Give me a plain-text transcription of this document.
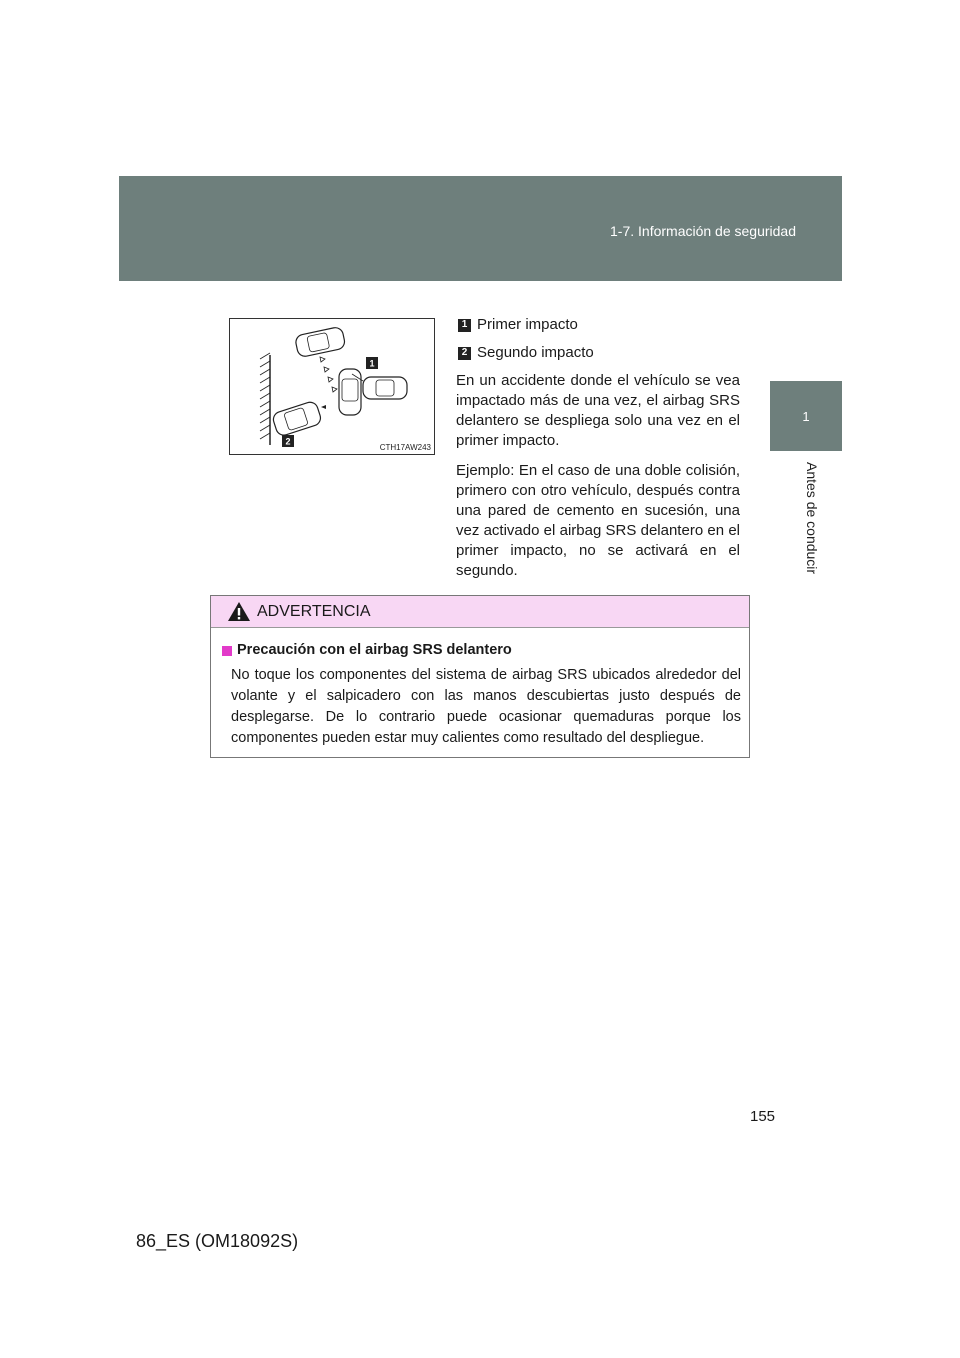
1-7. Información de seguridad
1
Antes de conducir
1
2
CTH17AW243
1 Primer impacto
2 Segundo impacto

En un accidente donde el vehículo se vea impactado más de una vez, el airbag SRS delantero se despliega solo una vez en el primer impacto.

Ejemplo: En el caso de una doble colisión, primero con otro vehículo, después contra una pared de cemento en sucesión, una vez activado el airbag SRS delantero en el primer impacto, no se activará en el segundo.

ADVERTENCIA
Precaución con el airbag SRS delantero
No toque los componentes del sistema de airbag SRS ubicados alrededor del volante y el salpicadero con las manos descubiertas justo después de desplegarse. De lo contrario puede ocasionar quemaduras porque los componentes pueden estar muy calientes como resultado del despliegue.
155
86_ES (OM18092S)
